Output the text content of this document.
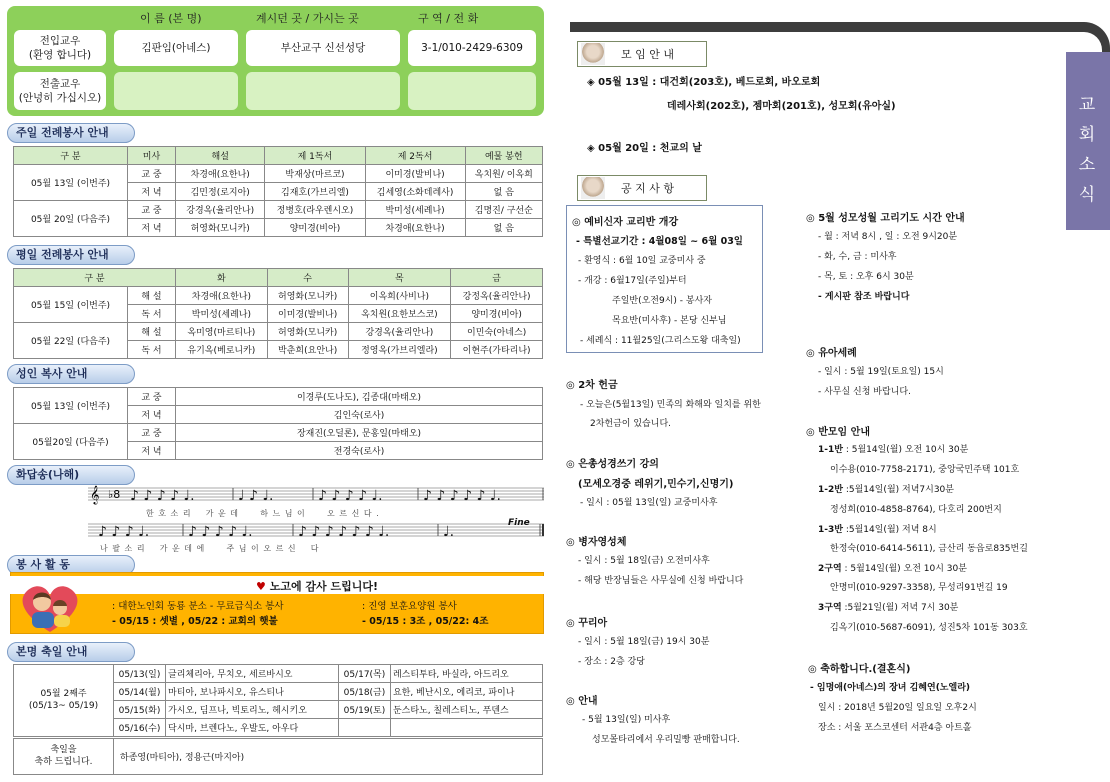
이 름 (본 명)	계시던 곳 / 가시는 곳	구 역 / 전 화
전입교우
(환영 합니다)
김판임(아네스)	부산교구 신선성당	3-1/010-2429-6309
전출교우
(안녕히 가십시오)
주일 전례봉사 안내
구 분	미사	해설	제 1독서	제 2독서	예물 봉헌
05월 13일 (이번주)	교 중	차경애(요한나)	박재상(마르코)	이미경(발비나)	옥치원/ 이옥희
	저 녁	김민정(로지아)	김재호(가브리엘)	김세영(소화데레사)	없 음
05월 20일 (다음주)	교 중	강경옥(율리안나)	정병호(라우렌시오)	박미성(세례나)	김명진/ 구선순
	저 녁	허영화(모니카)	양미경(비아)	차경애(요한나)	없 음
평일 전례봉사 안내
구 분		화	수	목	금
05월 15일 (이번주)	해 설	차경애(요한나)	허영화(모니카)	이옥희(사비나)	강정옥(율리안나)
	독 서	박미성(세례나)	이미경(발비나)	옥치원(요한보스코)	양미경(비아)
05월 22일 (다음주)	해 설	옥미영(마르티나)	허영화(모니카)	강경옥(율리안나)	이민숙(아네스)
	독 서	유기옥(베로니카)	박춘희(요안나)	정영옥(가브리엘라)	이현주(가타리나)
성인 복사 안내
05월 13일 (이번주)	교 중	이경루(도나도), 김종대(마태오)
	저 녁	김인숙(로사)
05월20일 (다음주)	교 중	장재진(오딜론), 문홍일(마태오)
	저 녁	전경숙(로사)
화답송(나해)
𝄞 ♭8 ♪ ♪ ♪ ♪ ♩.	♩ ♪ ♩.	♪ ♪ ♪ ♪ ♩.	♪ ♪ ♪ ♪ ♪ ♩.
♪ ♪ ♪ ♩.	♪ ♪ ♪ ♪ ♩.	♪ ♪ ♪ ♪ ♪ ♪ ♩.	♩.
한 호 소 리    가 운 데      하 느 님 이      오 르 신 다 .
나 팔 소 리    가 운 데 에      주 님 이 오 르 신    다
Fine
봉 사 활 동
♥ 노고에 감사 드립니다!
: 대한노인회 동룡 분소 - 무료급식소 봉사
- 05/15 : 셋별 , 05/22 : 교회의 햇불
: 진영 보훈요양원 봉사
- 05/15 : 3조 , 05/22: 4조
본명 축일 안내
05월 2째주
(05/13~ 05/19)	05/13(일)	글리체리아, 무치오, 세르바시오	05/17(목)	레스티투타, 바실라, 아드리오
	05/14(월)	마티아, 보나파시오, 유스티나	05/18(금)	요한, 베난시오, 에리코, 파이나
	05/15(화)	가시오, 딤프나, 빅토리노, 헤시키오	05/19(토)	둔스타노, 칠레스티노, 푸덴스
	05/16(수)	닥시마, 브렌다노, 우발도, 아우다		
축일을
축하 드립니다.	하종영(마티아), 정용근(마지아)
교
회
소
식
모 임 안 내
◈ 05월 13일 : 대건회(203호), 베드로회, 바오로회
데레사회(202호), 젬마회(201호), 성모회(유아실)
◈ 05월 20일 : 천교의 날
공 지 사 항
◎ 예비신자 교리반 개강
- 특별선교기간 : 4월08일 ~ 6월 03일
- 환영식 : 6월 10일 교중미사 중
- 개강 : 6월17일(주일)부터
주일반(오전9시) - 봉사자
목요반(미사후) - 본당 신부님
- 세례식 : 11월25일(그리스도왕 대축일)
◎ 2차 헌금
- 오늘은(5월13일) 민족의 화해와 일치를 위한
2차헌금이 있습니다.
◎ 은총성경쓰기 강의
(모세오경중 레위기,민수기,신명기)
- 일시 : 05월 13일(일) 교중미사후
◎ 병자영성체
- 일시 : 5월 18일(금) 오전미사후
- 해당 반장님들은 사무실에 신청 바랍니다
◎ 꾸리아
- 일시 : 5월 18일(금) 19시 30분
- 장소 : 2층 강당
◎ 안내
- 5월 13일(일) 미사후
성모몰타리에서 우리밀빵 판매합니다.
◎ 5월 성모성월 고리기도 시간 안내
- 월 : 저녁 8시 , 일 : 오전 9시20분
- 화, 수, 금 : 미사후
- 목, 토 : 오후 6시 30분
- 게시판 참조 바랍니다
◎ 유아세례
- 일시 : 5월 19일(토요일) 15시
- 사무실 신청 바랍니다.
◎ 반모임 안내
1-1반 : 5월14일(월) 오전 10시 30분
이수용(010-7758-2171), 중앙국민주택 101호
1-2반 :5월14일(월) 저녁7시30분
정성희(010-4858-8764), 다호리 200번지
1-3반 :5월14일(월) 저녁 8시
한정숙(010-6414-5611), 금산리 동읍로835번길
2구역 : 5월14일(월) 오전 10시 30분
안명미(010-9297-3358), 무성리91번길 19
3구역 :5월21일(월) 저녁 7시 30분
김옥기(010-5687-6091), 성진5차 101동 303호
◎ 축하합니다.(결혼식)
- 임명애(아네스)의 장녀 김혜연(노엘라)
일시 : 2018년 5월20일 일요일 오후2시
장소 : 서울 포스코센터 서관4층 아트홀
